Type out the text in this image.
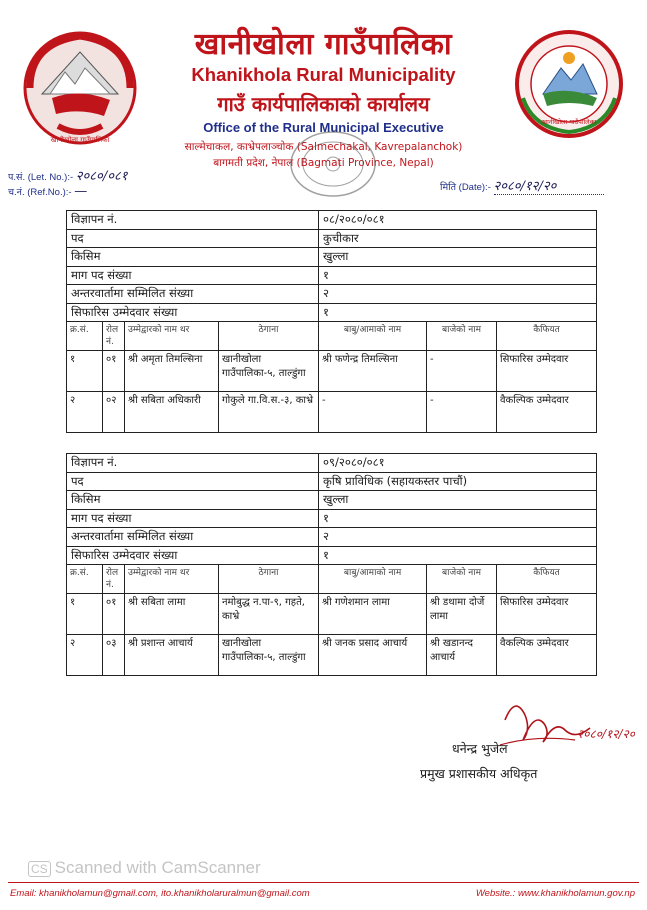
खानीखोला गाउँपालिका
खानीखोला गाउँपालिका
खानीखोला गाउँपालिका
Khanikhola Rural Municipality
गाउँ कार्यपालिकाको कार्यालय
Office of the Rural Municipal Executive
साल्मेचाकल, काभ्रेपलाञ्चोक (Salmechakal, Kavrepalanchok)
बागमती प्रदेश, नेपाल (Bagmati Province, Nepal)
प.सं. (Let. No.):- २०८०/०८१
च.नं. (Ref.No.):- —	मिति (Date):- २०८०/१२/२०
विज्ञापन नं.				०८/२०८०/०८१		
पद				कुचीकार		
किसिम				खुल्ला		
माग पद संख्या				१		
अन्तरवार्तामा सम्मिलित संख्या				२		
सिफारिस उम्मेदवार संख्या				१		
क्र.सं.	रोल नं.	उम्मेद्वारको नाम थर	ठेगाना	बाबु/आमाको नाम	बाजेको नाम	कैफियत
१	०१	श्री अमृता तिमल्सिना	खानीखोला गाउँपालिका-५, ताल्डुंगा	श्री फणेन्द्र तिमल्सिना	-	सिफारिस उम्मेदवार
२	०२	श्री सबिता अधिकारी	गोकुले गा.वि.स.-३, काभ्रे	-	-	वैकल्पिक उम्मेदवार
विज्ञापन नं.				०९/२०८०/०८१		
पद				कृषि प्राविधिक (सहायकस्तर पाचौं)		
किसिम				खुल्ला		
माग पद संख्या				१		
अन्तरवार्तामा सम्मिलित संख्या				२		
सिफारिस उम्मेदवार संख्या				१		
क्र.सं.	रोल नं.	उम्मेद्वारको नाम थर	ठेगाना	बाबु/आमाको नाम	बाजेको नाम	कैफियत
१	०१	श्री सबिता लामा	नमोबुद्ध न.पा-९, गहते, काभ्रे	श्री गणेशमान लामा	श्री डथामा दोर्जे लामा	सिफारिस उम्मेदवार
२	०३	श्री प्रशान्त आचार्य	खानीखोला गाउँपालिका-५, ताल्डुंगा	श्री जनक प्रसाद आचार्य	श्री खडानन्द आचार्य	वैकल्पिक उम्मेदवार
२०८०/१२/२०
धनेन्द्र भुजेल
प्रमुख प्रशासकीय अधिकृत
CS Scanned with CamScanner
Email: khanikholamun@gmail.com, ito.khanikholaruralmun@gmail.com	Website.: www.khanikholamun.gov.np
